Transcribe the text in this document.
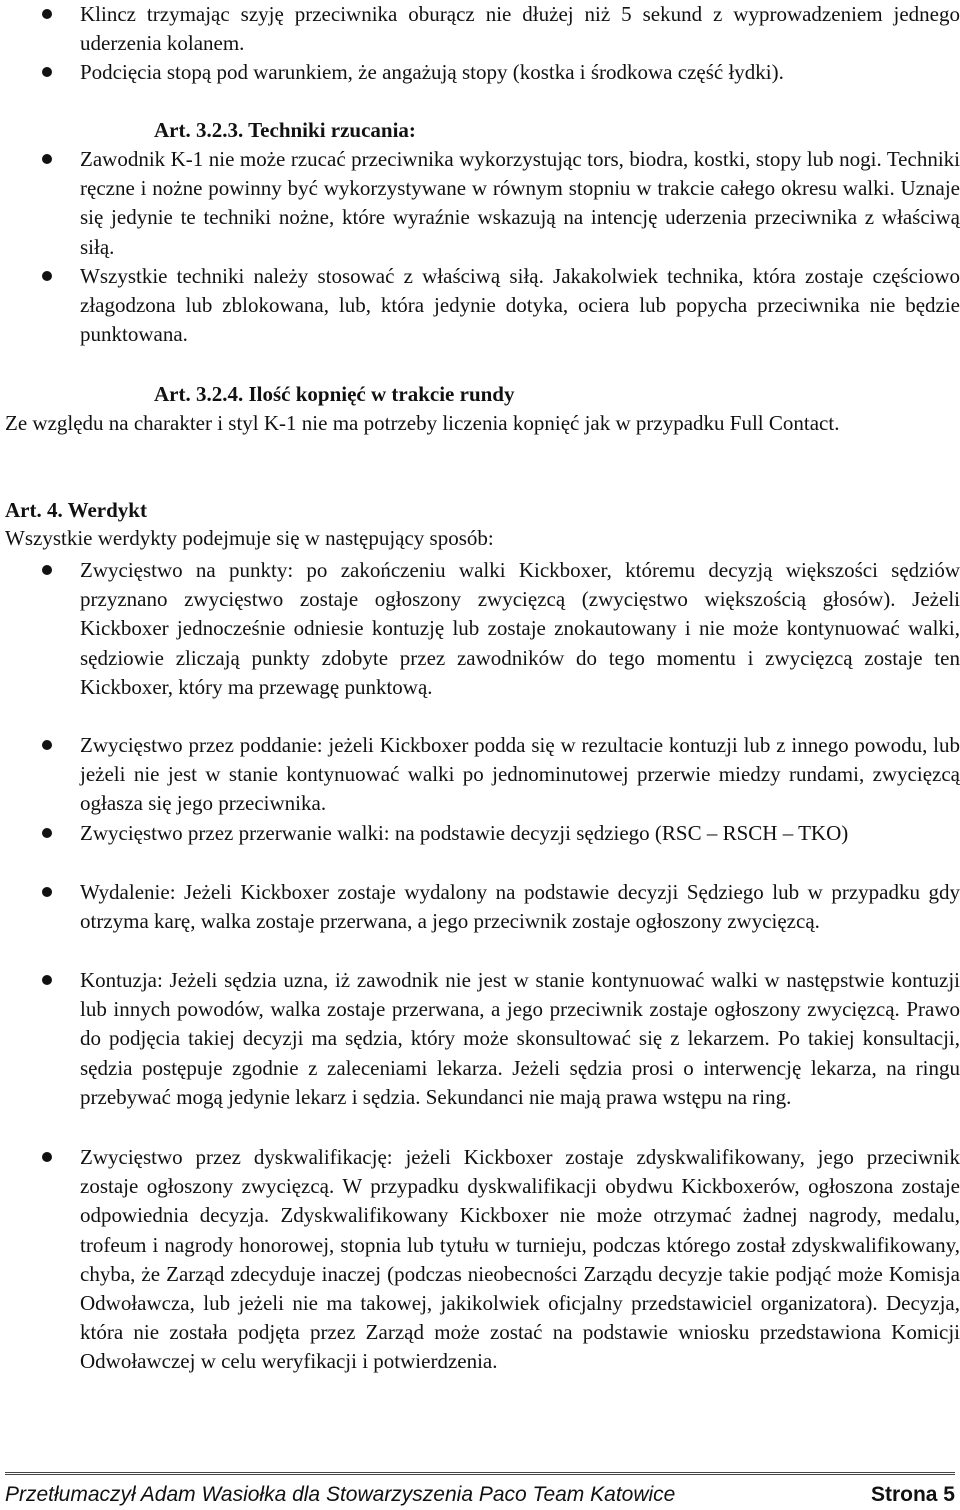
Klincz trzymając szyję przeciwnika oburącz nie dłużej niż 5 sekund z wyprowadzeniem jednego uderzenia kolanem.
Podcięcia stopą pod warunkiem, że angażują stopy (kostka i środkowa część łydki).
Art. 3.2.3. Techniki rzucania:
Zawodnik K-1 nie może rzucać przeciwnika wykorzystując tors, biodra, kostki, stopy lub nogi. Techniki ręczne i nożne powinny być wykorzystywane w równym stopniu w trakcie całego okresu walki. Uznaje się jedynie te techniki nożne, które wyraźnie wskazują na intencję uderzenia przeciwnika z właściwą siłą.
Wszystkie techniki należy stosować z właściwą siłą. Jakakolwiek technika, która zostaje częściowo złagodzona lub zblokowana, lub, która jedynie dotyka, ociera lub popycha przeciwnika nie będzie punktowana.
Art. 3.2.4. Ilość kopnięć w trakcie rundy
Ze względu na charakter i styl K-1 nie ma potrzeby liczenia kopnięć jak w przypadku Full Contact.
Art. 4. Werdykt
Wszystkie werdykty podejmuje się w następujący sposób:
Zwycięstwo na punkty: po zakończeniu walki Kickboxer, któremu decyzją większości sędziów przyznano zwycięstwo zostaje ogłoszony zwycięzcą (zwycięstwo większością głosów). Jeżeli Kickboxer jednocześnie odniesie kontuzję lub zostaje znokautowany i nie może kontynuować walki, sędziowie zliczają punkty zdobyte przez zawodników do tego momentu i zwycięzcą zostaje ten Kickboxer, który ma przewagę punktową.
Zwycięstwo przez poddanie: jeżeli Kickboxer podda się w rezultacie kontuzji lub z innego powodu, lub jeżeli nie jest w stanie kontynuować walki po jednominutowej przerwie miedzy rundami, zwycięzcą ogłasza się jego przeciwnika.
Zwycięstwo przez przerwanie walki: na podstawie decyzji sędziego (RSC – RSCH – TKO)
Wydalenie: Jeżeli Kickboxer zostaje wydalony na podstawie decyzji Sędziego lub w przypadku gdy otrzyma karę, walka zostaje przerwana, a jego przeciwnik zostaje ogłoszony zwycięzcą.
Kontuzja: Jeżeli sędzia uzna, iż zawodnik nie jest w stanie kontynuować walki w następstwie kontuzji lub innych powodów, walka zostaje przerwana, a jego przeciwnik zostaje ogłoszony zwycięzcą. Prawo do podjęcia takiej decyzji ma sędzia, który może skonsultować się z lekarzem. Po takiej konsultacji, sędzia postępuje zgodnie z zaleceniami lekarza. Jeżeli sędzia prosi o interwencję lekarza, na ringu przebywać mogą jedynie lekarz i sędzia. Sekundanci nie mają prawa wstępu na ring.
Zwycięstwo przez dyskwalifikację: jeżeli Kickboxer zostaje zdyskwalifikowany, jego przeciwnik zostaje ogłoszony zwycięzcą. W przypadku dyskwalifikacji obydwu Kickboxerów, ogłoszona zostaje odpowiednia decyzja. Zdyskwalifikowany Kickboxer nie może otrzymać żadnej nagrody, medalu, trofeum i nagrody honorowej, stopnia lub tytułu w turnieju, podczas którego został zdyskwalifikowany, chyba, że Zarząd zdecyduje inaczej (podczas nieobecności Zarządu decyzje takie podjąć może Komisja Odwoławcza, lub jeżeli nie ma takowej, jakikolwiek oficjalny przedstawiciel organizatora). Decyzja, która nie została podjęta przez Zarząd może zostać na podstawie wniosku przedstawiona Komicji Odwoławczej w celu weryfikacji i potwierdzenia.
Przetłumaczył Adam Wasiołka dla Stowarzyszenia Paco Team Katowice	Strona 5
